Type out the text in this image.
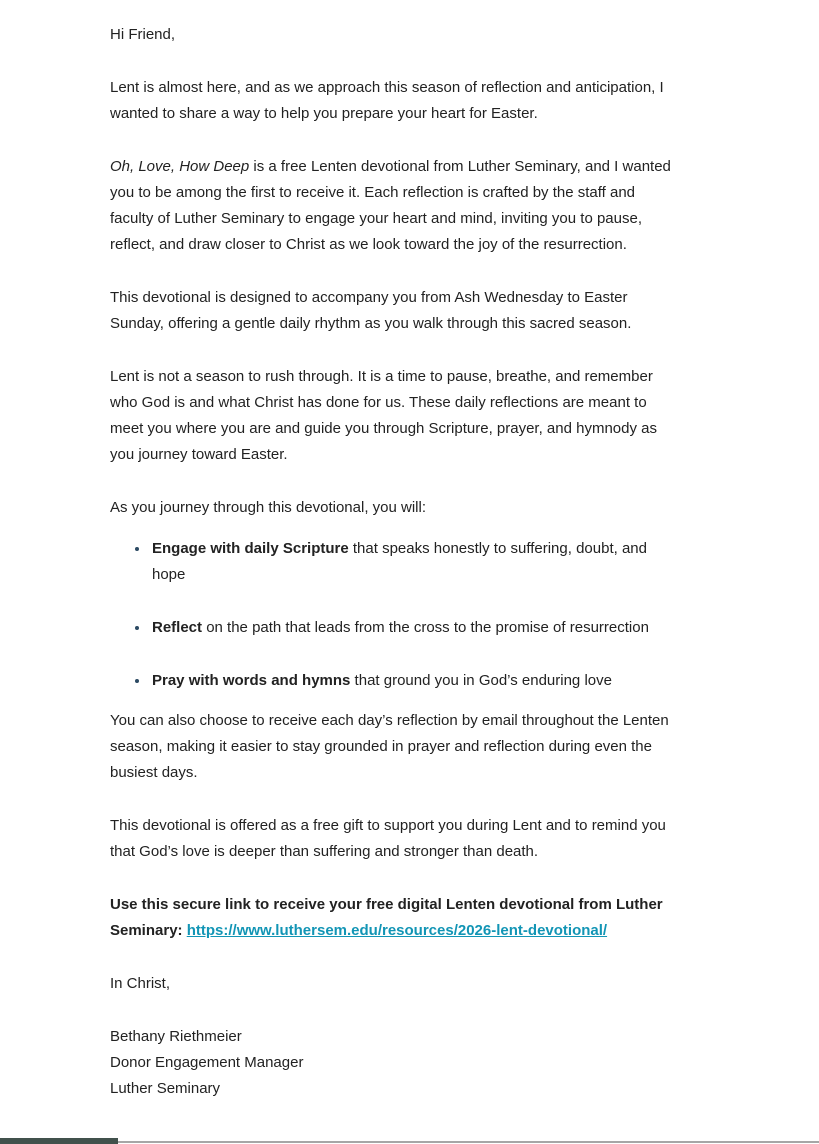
Hi Friend,

Lent is almost here, and as we approach this season of reflection and anticipation, I wanted to share a way to help you prepare your heart for Easter.

Oh, Love, How Deep is a free Lenten devotional from Luther Seminary, and I wanted you to be among the first to receive it. Each reflection is crafted by the staff and faculty of Luther Seminary to engage your heart and mind, inviting you to pause, reflect, and draw closer to Christ as we look toward the joy of the resurrection.

This devotional is designed to accompany you from Ash Wednesday to Easter Sunday, offering a gentle daily rhythm as you walk through this sacred season.

Lent is not a season to rush through. It is a time to pause, breathe, and remember who God is and what Christ has done for us. These daily reflections are meant to meet you where you are and guide you through Scripture, prayer, and hymnody as you journey toward Easter.

As you journey through this devotional, you will:

• Engage with daily Scripture that speaks honestly to suffering, doubt, and hope
• Reflect on the path that leads from the cross to the promise of resurrection
• Pray with words and hymns that ground you in God’s enduring love

You can also choose to receive each day’s reflection by email throughout the Lenten season, making it easier to stay grounded in prayer and reflection during even the busiest days.

This devotional is offered as a free gift to support you during Lent and to remind you that God’s love is deeper than suffering and stronger than death.

Use this secure link to receive your free digital Lenten devotional from Luther Seminary: https://www.luthersem.edu/resources/2026-lent-devotional/

In Christ,

Bethany Riethmeier
Donor Engagement Manager
Luther Seminary
